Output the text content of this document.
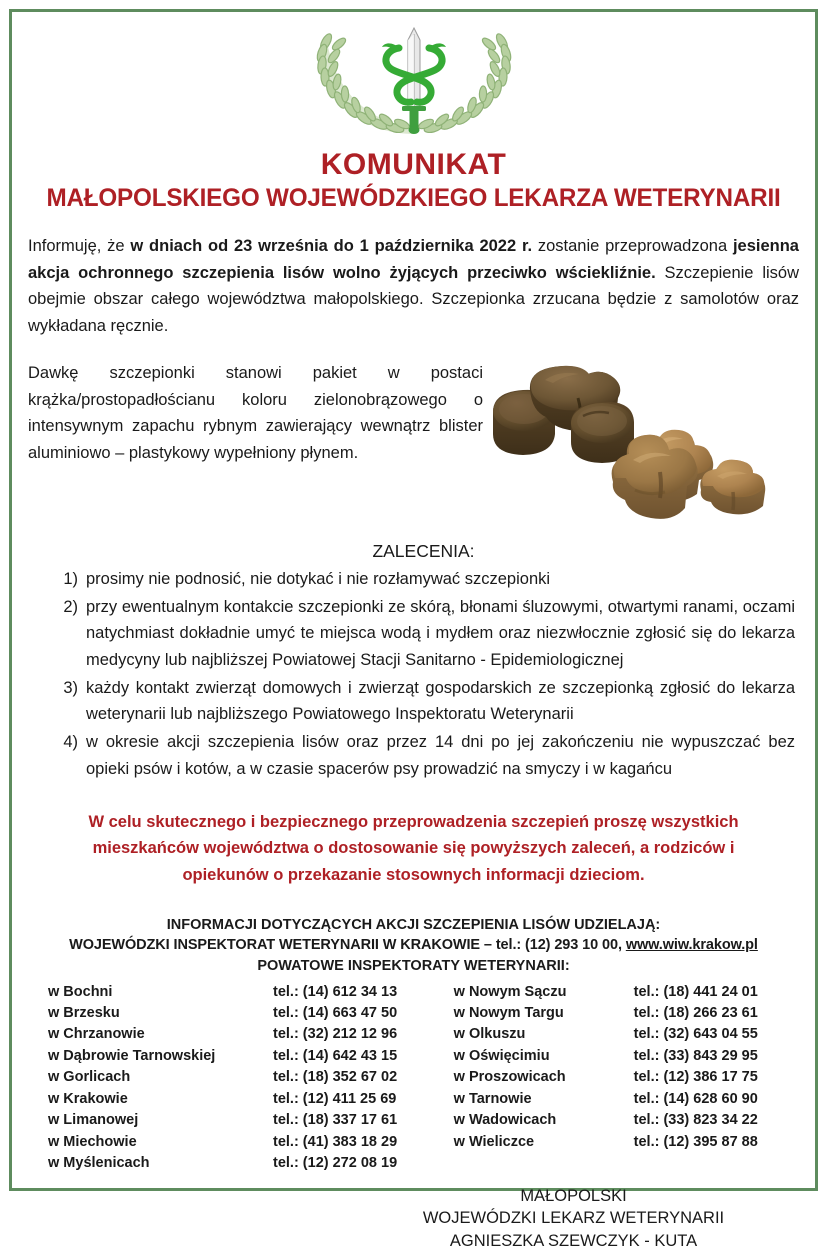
KOMUNIKAT
MAŁOPOLSKIEGO WOJEWÓDZKIEGO LEKARZA WETERYNARII

Informuję, że w dniach od 23 września do 1 października 2022 r. zostanie przeprowadzona jesienna akcja ochronnego szczepienia lisów wolno żyjących przeciwko wściekliźnie. Szczepienie lisów obejmie obszar całego województwa małopolskiego. Szczepionka zrzucana będzie z samolotów oraz wykładana ręcznie.

Dawkę szczepionki stanowi pakiet w postaci krążka/prostopadłościanu koloru zielonobrązowego o intensywnym zapachu rybnym zawierający wewnątrz blister aluminiowo – plastykowy wypełniony płynem.

ZALECENIA:
1) prosimy nie podnosić, nie dotykać i nie rozłamywać szczepionki
2) przy ewentualnym kontakcie szczepionki ze skórą, błonami śluzowymi, otwartymi ranami, oczami natychmiast dokładnie umyć te miejsca wodą i mydłem oraz niezwłocznie zgłosić się do lekarza medycyny lub najbliższej Powiatowej Stacji Sanitarno - Epidemiologicznej
3) każdy kontakt zwierząt domowych i zwierząt gospodarskich ze szczepionką zgłosić do lekarza weterynarii lub najbliższego Powiatowego Inspektoratu Weterynarii
4) w okresie akcji szczepienia lisów oraz przez 14 dni po jej zakończeniu nie wypuszczać bez opieki psów i kotów, a w czasie spacerów psy prowadzić na smyczy i w kagańcu

W celu skutecznego i bezpiecznego przeprowadzenia szczepień proszę wszystkich mieszkańców województwa o dostosowanie się powyższych zaleceń, a rodziców i opiekunów o przekazanie stosownych informacji dzieciom.

INFORMACJI DOTYCZĄCYCH AKCJI SZCZEPIENIA LISÓW UDZIELAJĄ:
WOJEWÓDZKI INSPEKTORAT WETERYNARII W KRAKOWIE – tel.: (12) 293 10 00, www.wiw.krakow.pl
POWATOWE INSPEKTORATY WETERYNARII:
w Bochni	tel.: (14) 612 34 13
w Brzesku	tel.: (14) 663 47 50
w Chrzanowie	tel.: (32) 212 12 96
w Dąbrowie Tarnowskiej	tel.: (14) 642 43 15
w Gorlicach	tel.: (18) 352 67 02
w Krakowie	tel.: (12) 411 25 69
w Limanowej	tel.: (18) 337 17 61
w Miechowie	tel.: (41) 383 18 29
w Myślenicach	tel.: (12) 272 08 19
w Nowym Sączu	tel.: (18) 441 24 01
w Nowym Targu	tel.: (18) 266 23 61
w Olkuszu	tel.: (32) 643 04 55
w Oświęcimiu	tel.: (33) 843 29 95
w Proszowicach	tel.: (12) 386 17 75
w Tarnowie	tel.: (14) 628 60 90
w Wadowicach	tel.: (33) 823 34 22
w Wieliczce	tel.: (12) 395 87 88
MAŁOPOLSKI
WOJEWÓDZKI LEKARZ WETERYNARII
AGNIESZKA SZEWCZYK - KUTA
